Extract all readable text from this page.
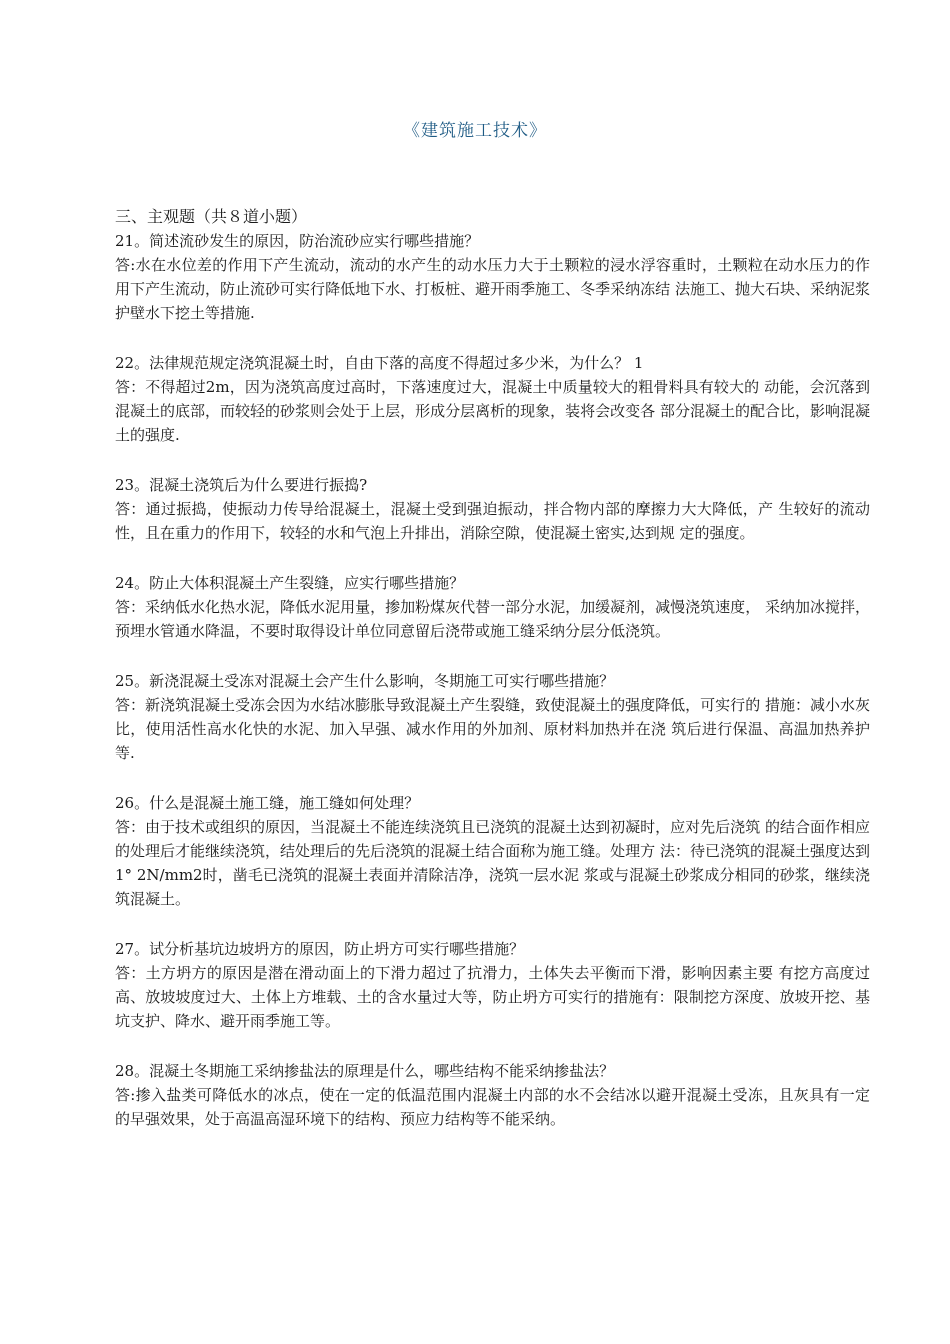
《建筑施工技术》

三、主观题（共８道小题）

21。简述流砂发生的原因，防治流砂应实行哪些措施？

答:水在水位差的作用下产生流动，流动的水产生的动水压力大于土颗粒的浸水浮容重时，土颗粒在动水压力的作用下产生流动，防止流砂可实行降低地下水、打板桩、避开雨季施工、冬季采纳冻结 法施工、抛大石块、采纳泥浆护壁水下挖土等措施.

22。法律规范规定浇筑混凝土时，自由下落的高度不得超过多少米，为什么？ 1

答：不得超过2m，因为浇筑高度过高时，下落速度过大，混凝土中质量较大的粗骨料具有较大的 动能，会沉落到混凝土的底部，而较轻的砂浆则会处于上层，形成分层离析的现象，装将会改变各 部分混凝土的配合比，影响混凝土的强度.

23。混凝土浇筑后为什么要进行振捣?

答：通过振捣，使振动力传导给混凝土，混凝土受到强迫振动，拌合物内部的摩擦力大大降低，产 生较好的流动性，且在重力的作用下，较轻的水和气泡上升排出，消除空隙，使混凝土密实,达到规 定的强度。

24。防止大体积混凝土产生裂缝，应实行哪些措施？

答：采纳低水化热水泥，降低水泥用量，掺加粉煤灰代替一部分水泥，加缓凝剂，减慢浇筑速度， 采纳加冰搅拌，预埋水管通水降温，不要时取得设计单位同意留后浇带或施工缝采纳分层分低浇筑。

25。新浇混凝土受冻对混凝土会产生什么影响，冬期施工可实行哪些措施？

答：新浇筑混凝土受冻会因为水结冰膨胀导致混凝土产生裂缝，致使混凝土的强度降低，可实行的 措施：减小水灰比，使用活性高水化快的水泥、加入早强、减水作用的外加剂、原材料加热并在浇 筑后进行保温、高温加热养护等.

26。什么是混凝土施工缝，施工缝如何处理？

答：由于技术或组织的原因，当混凝土不能连续浇筑且已浇筑的混凝土达到初凝时，应对先后浇筑 的结合面作相应的处理后才能继续浇筑，结处理后的先后浇筑的混凝土结合面称为施工缝。处理方 法：待已浇筑的混凝土强度达到1° 2N/mm2时，凿毛已浇筑的混凝土表面并清除洁净，浇筑一层水泥 浆或与混凝土砂浆成分相同的砂浆，继续浇筑混凝土。

27。试分析基坑边坡坍方的原因，防止坍方可实行哪些措施？

答：土方坍方的原因是潜在滑动面上的下滑力超过了抗滑力，土体失去平衡而下滑，影响因素主要 有挖方高度过高、放坡坡度过大、土体上方堆载、土的含水量过大等，防止坍方可实行的措施有：限制挖方深度、放坡开挖、基坑支护、降水、避开雨季施工等。

28。混凝土冬期施工采纳掺盐法的原理是什么，哪些结构不能采纳掺盐法？

答:掺入盐类可降低水的冰点，使在一定的低温范围内混凝土内部的水不会结冰以避开混凝土受冻，且灰具有一定的早强效果，处于高温高湿环境下的结构、预应力结构等不能采纳。
